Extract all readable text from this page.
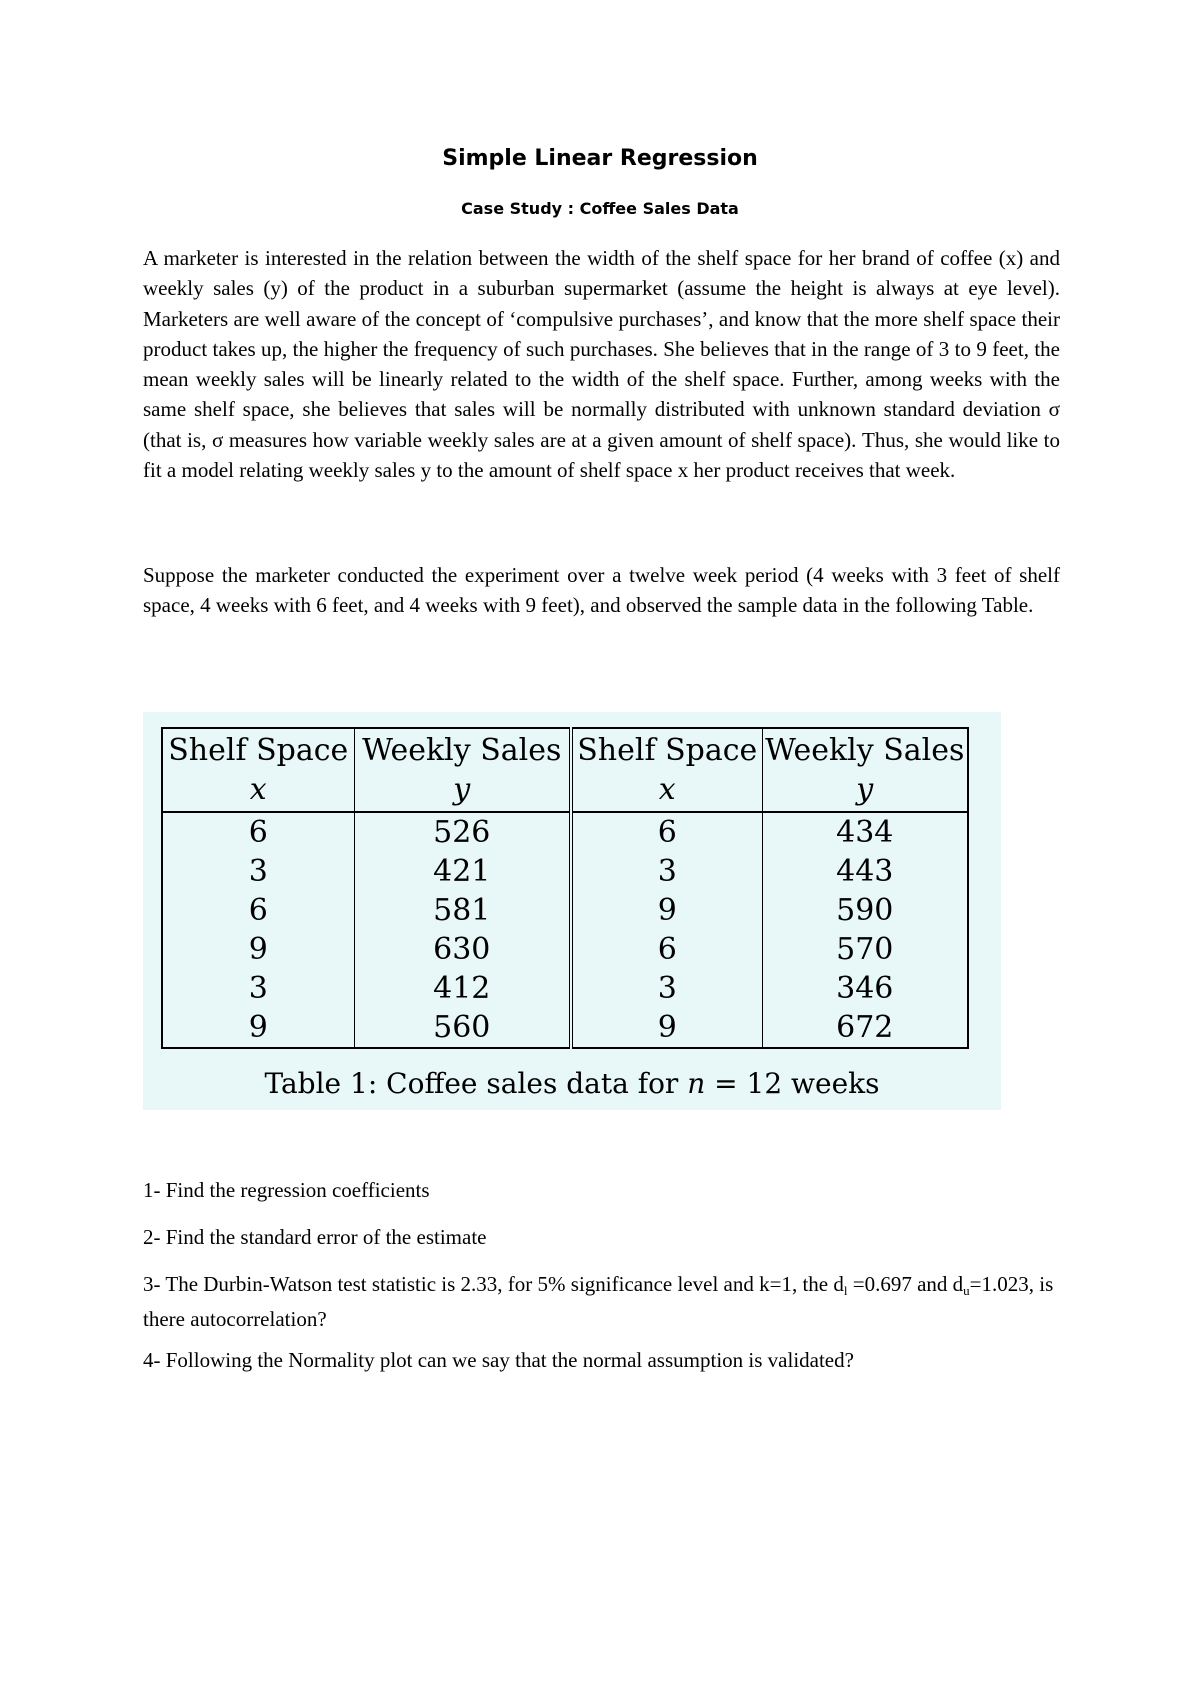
Simple Linear Regression
Case Study : Coffee Sales Data

A marketer is interested in the relation between the width of the shelf space for her brand of coffee (x) and weekly sales (y) of the product in a suburban supermarket (assume the height is always at eye level). Marketers are well aware of the concept of ‘compulsive purchases’, and know that the more shelf space their product takes up, the higher the frequency of such purchases. She believes that in the range of 3 to 9 feet, the mean weekly sales will be linearly related to the width of the shelf space. Further, among weeks with the same shelf space, she believes that sales will be normally distributed with unknown standard deviation σ (that is, σ measures how variable weekly sales are at a given amount of shelf space). Thus, she would like to fit a model relating weekly sales y to the amount of shelf space x her product receives that week.

Suppose the marketer conducted the experiment over a twelve week period (4 weeks with 3 feet of shelf space, 4 weeks with 6 feet, and 4 weeks with 9 feet), and observed the sample data in the following Table.

Shelf Space	Weekly Sales	Shelf Space	Weekly Sales
x	y	x	y
6	526	6	434
3	421	3	443
6	581	9	590
9	630	6	570
3	412	3	346
9	560	9	672
Table 1: Coffee sales data for n = 12 weeks

1- Find the regression coefficients

2- Find the standard error of the estimate

3- The Durbin-Watson test statistic is 2.33, for 5% significance level and k=1, the $d_l =0.697$ and $d_u=1.023$, is there autocorrelation?

4- Following the Normality plot can we say that the normal assumption is validated?
